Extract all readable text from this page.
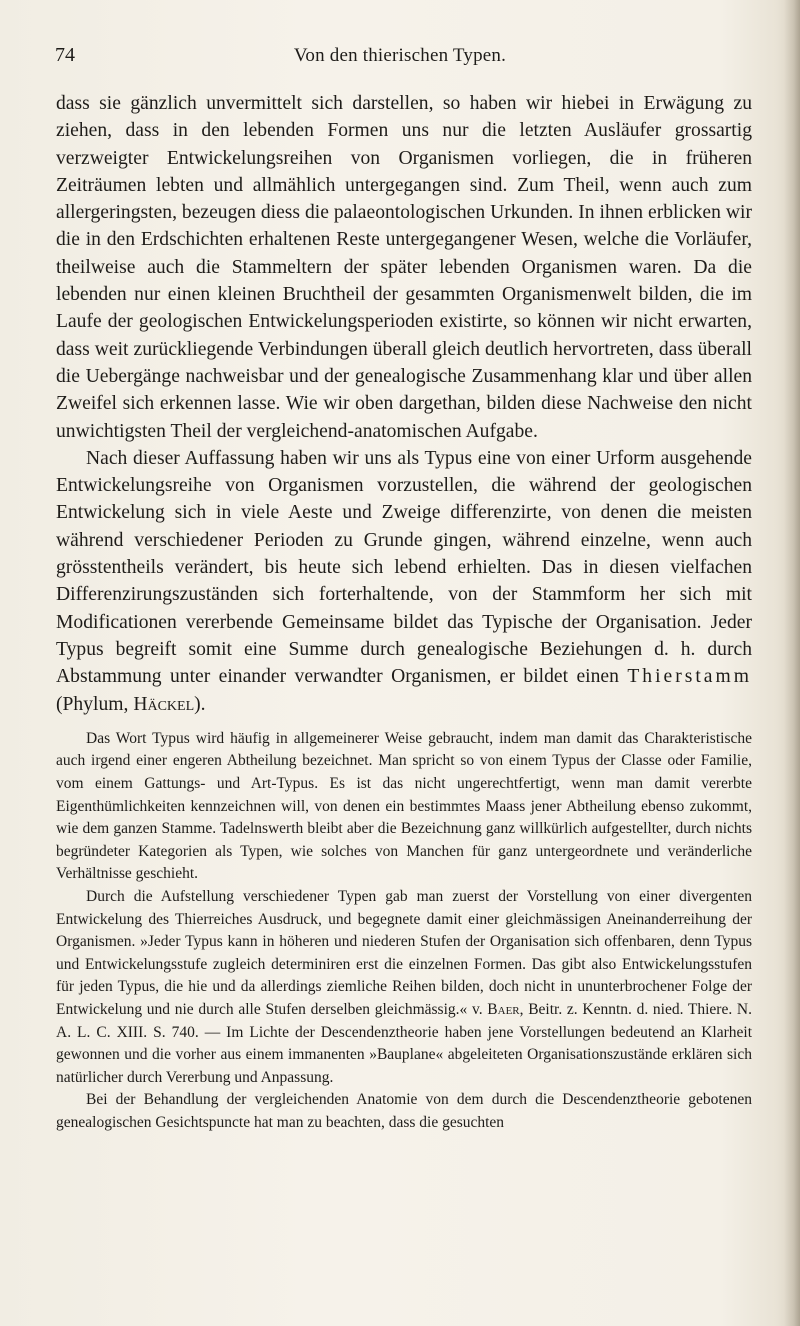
74	Von den thierischen Typen.

dass sie gänzlich unvermittelt sich darstellen, so haben wir hiebei in Erwägung zu ziehen, dass in den lebenden Formen uns nur die letzten Ausläufer grossartig verzweigter Entwickelungsreihen von Organismen vorliegen, die in früheren Zeiträumen lebten und allmählich untergegangen sind. Zum Theil, wenn auch zum allergeringsten, bezeugen diess die palaeontologischen Urkunden. In ihnen erblicken wir die in den Erdschichten erhaltenen Reste untergegangener Wesen, welche die Vorläufer, theilweise auch die Stammeltern der später lebenden Organismen waren. Da die lebenden nur einen kleinen Bruchtheil der gesammten Organismenwelt bilden, die im Laufe der geologischen Entwickelungsperioden existirte, so können wir nicht erwarten, dass weit zurückliegende Verbindungen überall gleich deutlich hervortreten, dass überall die Uebergänge nachweisbar und der genealogische Zusammenhang klar und über allen Zweifel sich erkennen lasse. Wie wir oben dargethan, bilden diese Nachweise den nicht unwichtigsten Theil der vergleichend-anatomischen Aufgabe.

Nach dieser Auffassung haben wir uns als Typus eine von einer Urform ausgehende Entwickelungsreihe von Organismen vorzustellen, die während der geologischen Entwickelung sich in viele Aeste und Zweige differenzirte, von denen die meisten während verschiedener Perioden zu Grunde gingen, während einzelne, wenn auch grösstentheils verändert, bis heute sich lebend erhielten. Das in diesen vielfachen Differenzirungszuständen sich forterhaltende, von der Stammform her sich mit Modificationen vererbende Gemeinsame bildet das Typische der Organisation. Jeder Typus begreift somit eine Summe durch genealogische Beziehungen d. h. durch Abstammung unter einander verwandter Organismen, er bildet einen Thierstamm (Phylum, Häckel).

Das Wort Typus wird häufig in allgemeinerer Weise gebraucht, indem man damit das Charakteristische auch irgend einer engeren Abtheilung bezeichnet. Man spricht so von einem Typus der Classe oder Familie, vom einem Gattungs- und Art-Typus. Es ist das nicht ungerechtfertigt, wenn man damit vererbte Eigenthümlichkeiten kennzeichnen will, von denen ein bestimmtes Maass jener Abtheilung ebenso zukommt, wie dem ganzen Stamme. Tadelnswerth bleibt aber die Bezeichnung ganz willkürlich aufgestellter, durch nichts begründeter Kategorien als Typen, wie solches von Manchen für ganz untergeordnete und veränderliche Verhältnisse geschieht.

Durch die Aufstellung verschiedener Typen gab man zuerst der Vorstellung von einer divergenten Entwickelung des Thierreiches Ausdruck, und begegnete damit einer gleichmässigen Aneinanderreihung der Organismen. »Jeder Typus kann in höheren und niederen Stufen der Organisation sich offenbaren, denn Typus und Entwickelungsstufe zugleich determiniren erst die einzelnen Formen. Das gibt also Entwickelungsstufen für jeden Typus, die hie und da allerdings ziemliche Reihen bilden, doch nicht in ununterbrochener Folge der Entwickelung und nie durch alle Stufen derselben gleichmässig.« v. Baer, Beitr. z. Kenntn. d. nied. Thiere. N. A. L. C. XIII. S. 740. — Im Lichte der Descendenztheorie haben jene Vorstellungen bedeutend an Klarheit gewonnen und die vorher aus einem immanenten »Bauplane« abgeleiteten Organisationszustände erklären sich natürlicher durch Vererbung und Anpassung.

Bei der Behandlung der vergleichenden Anatomie von dem durch die Descendenztheorie gebotenen genealogischen Gesichtspuncte hat man zu beachten, dass die gesuchten
